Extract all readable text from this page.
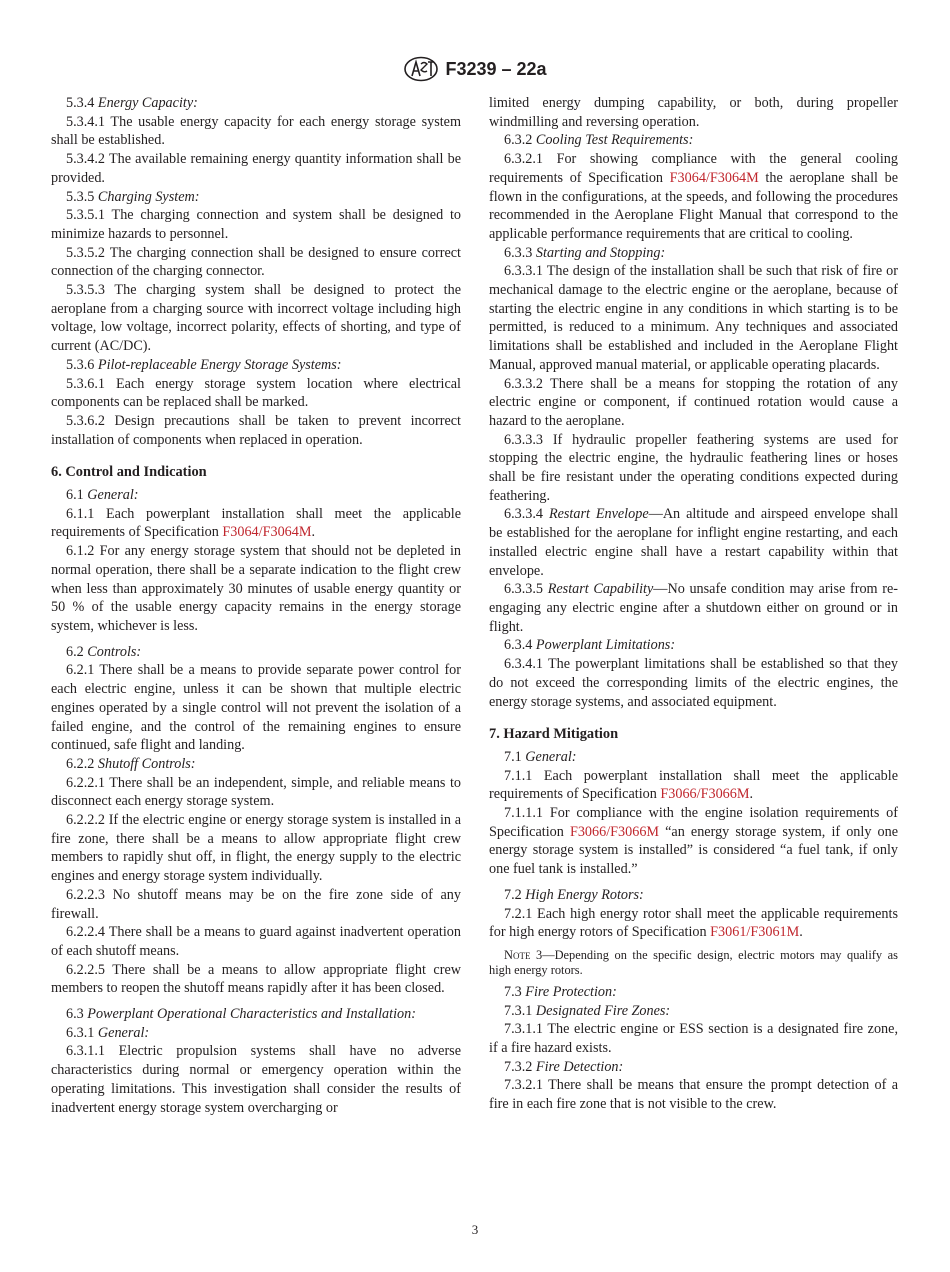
F3239 – 22a

5.3.4 Energy Capacity:

5.3.4.1 The usable energy capacity for each energy storage system shall be established.

5.3.4.2 The available remaining energy quantity information shall be provided.

5.3.5 Charging System:

5.3.5.1 The charging connection and system shall be designed to minimize hazards to personnel.

5.3.5.2 The charging connection shall be designed to ensure correct connection of the charging connector.

5.3.5.3 The charging system shall be designed to protect the aeroplane from a charging source with incorrect voltage including high voltage, low voltage, incorrect polarity, effects of shorting, and type of current (AC/DC).

5.3.6 Pilot-replaceable Energy Storage Systems:

5.3.6.1 Each energy storage system location where electrical components can be replaced shall be marked.

5.3.6.2 Design precautions shall be taken to prevent incorrect installation of components when replaced in operation.

6. Control and Indication

6.1 General:

6.1.1 Each powerplant installation shall meet the applicable requirements of Specification F3064/F3064M.

6.1.2 For any energy storage system that should not be depleted in normal operation, there shall be a separate indication to the flight crew when less than approximately 30 minutes of usable energy quantity or 50 % of the usable energy capacity remains in the energy storage system, whichever is less.

6.2 Controls:

6.2.1 There shall be a means to provide separate power control for each electric engine, unless it can be shown that multiple electric engines operated by a single control will not prevent the isolation of a failed engine, and the control of the remaining engines to ensure continued, safe flight and landing.

6.2.2 Shutoff Controls:

6.2.2.1 There shall be an independent, simple, and reliable means to disconnect each energy storage system.

6.2.2.2 If the electric engine or energy storage system is installed in a fire zone, there shall be a means to allow appropriate flight crew members to rapidly shut off, in flight, the energy supply to the electric engines and energy storage system individually.

6.2.2.3 No shutoff means may be on the fire zone side of any firewall.

6.2.2.4 There shall be a means to guard against inadvertent operation of each shutoff means.

6.2.2.5 There shall be a means to allow appropriate flight crew members to reopen the shutoff means rapidly after it has been closed.

6.3 Powerplant Operational Characteristics and Installation:

6.3.1 General:

6.3.1.1 Electric propulsion systems shall have no adverse characteristics during normal or emergency operation within the operating limitations. This investigation shall consider the results of inadvertent energy storage system overcharging or

limited energy dumping capability, or both, during propeller windmilling and reversing operation.

6.3.2 Cooling Test Requirements:

6.3.2.1 For showing compliance with the general cooling requirements of Specification F3064/F3064M the aeroplane shall be flown in the configurations, at the speeds, and following the procedures recommended in the Aeroplane Flight Manual that correspond to the applicable performance requirements that are critical to cooling.

6.3.3 Starting and Stopping:

6.3.3.1 The design of the installation shall be such that risk of fire or mechanical damage to the electric engine or the aeroplane, because of starting the electric engine in any conditions in which starting is to be permitted, is reduced to a minimum. Any techniques and associated limitations shall be established and included in the Aeroplane Flight Manual, approved manual material, or applicable operating placards.

6.3.3.2 There shall be a means for stopping the rotation of any electric engine or component, if continued rotation would cause a hazard to the aeroplane.

6.3.3.3 If hydraulic propeller feathering systems are used for stopping the electric engine, the hydraulic feathering lines or hoses shall be fire resistant under the operating conditions expected during feathering.

6.3.3.4 Restart Envelope—An altitude and airspeed envelope shall be established for the aeroplane for inflight engine restarting, and each installed electric engine shall have a restart capability within that envelope.

6.3.3.5 Restart Capability—No unsafe condition may arise from re-engaging any electric engine after a shutdown either on ground or in flight.

6.3.4 Powerplant Limitations:

6.3.4.1 The powerplant limitations shall be established so that they do not exceed the corresponding limits of the electric engines, the energy storage systems, and associated equipment.

7. Hazard Mitigation

7.1 General:

7.1.1 Each powerplant installation shall meet the applicable requirements of Specification F3066/F3066M.

7.1.1.1 For compliance with the engine isolation requirements of Specification F3066/F3066M “an energy storage system, if only one energy storage system is installed” is considered “a fuel tank, if only one fuel tank is installed.”

7.2 High Energy Rotors:

7.2.1 Each high energy rotor shall meet the applicable requirements for high energy rotors of Specification F3061/F3061M.

Note 3—Depending on the specific design, electric motors may qualify as high energy rotors.

7.3 Fire Protection:

7.3.1 Designated Fire Zones:

7.3.1.1 The electric engine or ESS section is a designated fire zone, if a fire hazard exists.

7.3.2 Fire Detection:

7.3.2.1 There shall be means that ensure the prompt detection of a fire in each fire zone that is not visible to the crew.

3
